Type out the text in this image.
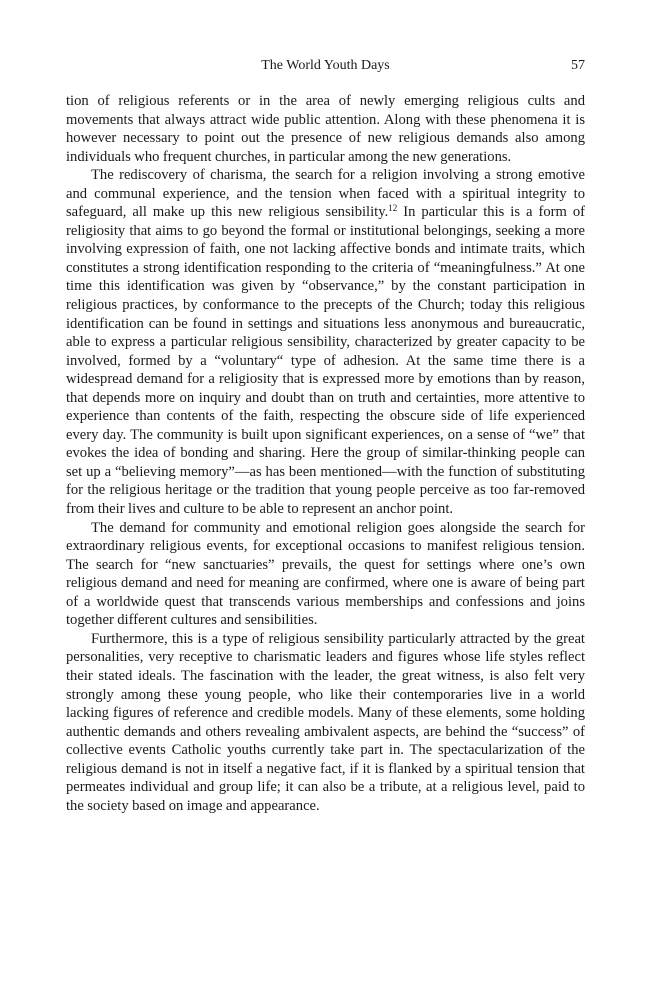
The World Youth Days	57

tion of religious referents or in the area of newly emerging religious cults and movements that always attract wide public attention. Along with these phenomena it is however necessary to point out the presence of new religious demands also among individuals who frequent churches, in particular among the new generations.

The rediscovery of charisma, the search for a religion involving a strong emotive and communal experience, and the tension when faced with a spiritual integrity to safeguard, all make up this new religious sensibility.$^{12}$ In particular this is a form of religiosity that aims to go beyond the formal or institutional belongings, seeking a more involving expression of faith, one not lacking affective bonds and intimate traits, which constitutes a strong identification responding to the criteria of “meaningfulness.” At one time this identification was given by “observance,” by the constant participation in religious practices, by conformance to the precepts of the Church; today this religious identification can be found in settings and situations less anonymous and bureaucratic, able to express a particular religious sensibility, characterized by greater capacity to be involved, formed by a “voluntary“ type of adhesion. At the same time there is a widespread demand for a religiosity that is expressed more by emotions than by reason, that depends more on inquiry and doubt than on truth and certainties, more attentive to experience than contents of the faith, respecting the obscure side of life experienced every day. The community is built upon significant experiences, on a sense of “we” that evokes the idea of bonding and sharing. Here the group of similar-thinking people can set up a “believing memory”—as has been mentioned—with the function of substituting for the religious heritage or the tradition that young people perceive as too far-removed from their lives and culture to be able to represent an anchor point.

The demand for community and emotional religion goes alongside the search for extraordinary religious events, for exceptional occasions to manifest religious tension. The search for “new sanctuaries” prevails, the quest for settings where one’s own religious demand and need for meaning are confirmed, where one is aware of being part of a worldwide quest that transcends various memberships and confessions and joins together different cultures and sensibilities.

Furthermore, this is a type of religious sensibility particularly attracted by the great personalities, very receptive to charismatic leaders and figures whose life styles reflect their stated ideals. The fascination with the leader, the great witness, is also felt very strongly among these young people, who like their contemporaries live in a world lacking figures of reference and credible models. Many of these elements, some holding authentic demands and others revealing ambivalent aspects, are behind the “success” of collective events Catholic youths currently take part in. The spectacularization of the religious demand is not in itself a negative fact, if it is flanked by a spiritual tension that permeates individual and group life; it can also be a tribute, at a religious level, paid to the society based on image and appearance.
